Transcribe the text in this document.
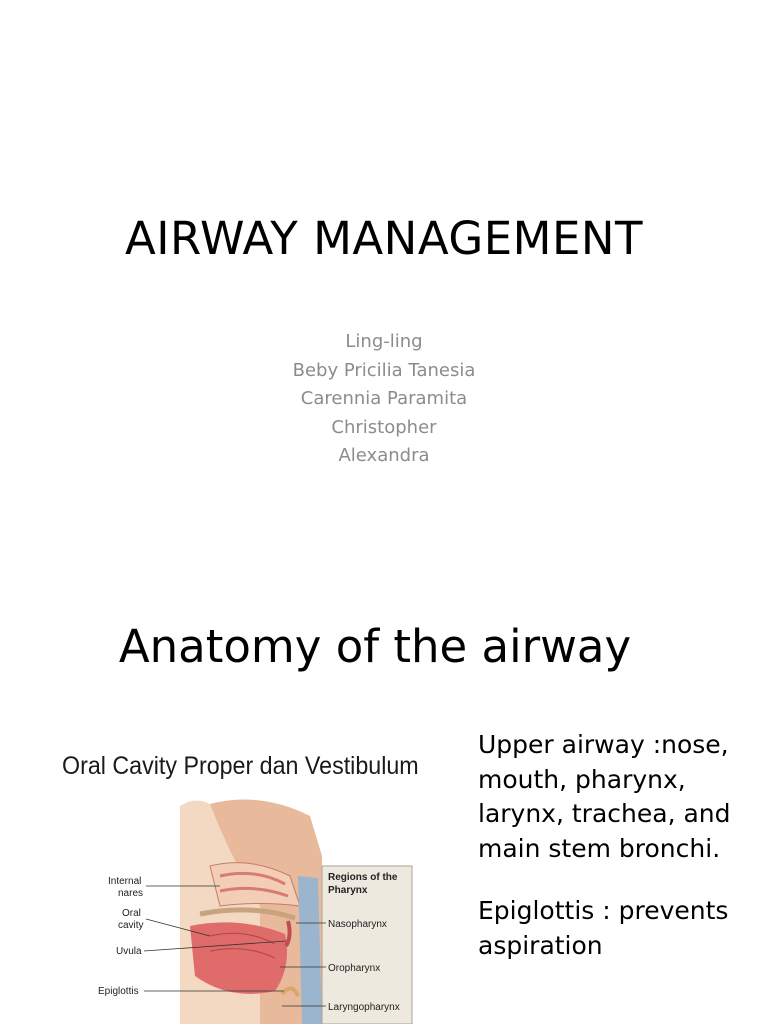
AIRWAY MANAGEMENT
Ling-ling
Beby Pricilia Tanesia
Carennia Paramita
Christopher
Alexandra
Anatomy of the airway
Oral Cavity Proper dan Vestibulum
Internal
nares
Oral
cavity
Uvula
Epiglottis
Regions of the
Pharynx
Nasopharynx
Oropharynx
Laryngopharynx

Upper airway :nose, mouth, pharynx, larynx, trachea, and main stem bronchi.

Epiglottis : prevents aspiration
